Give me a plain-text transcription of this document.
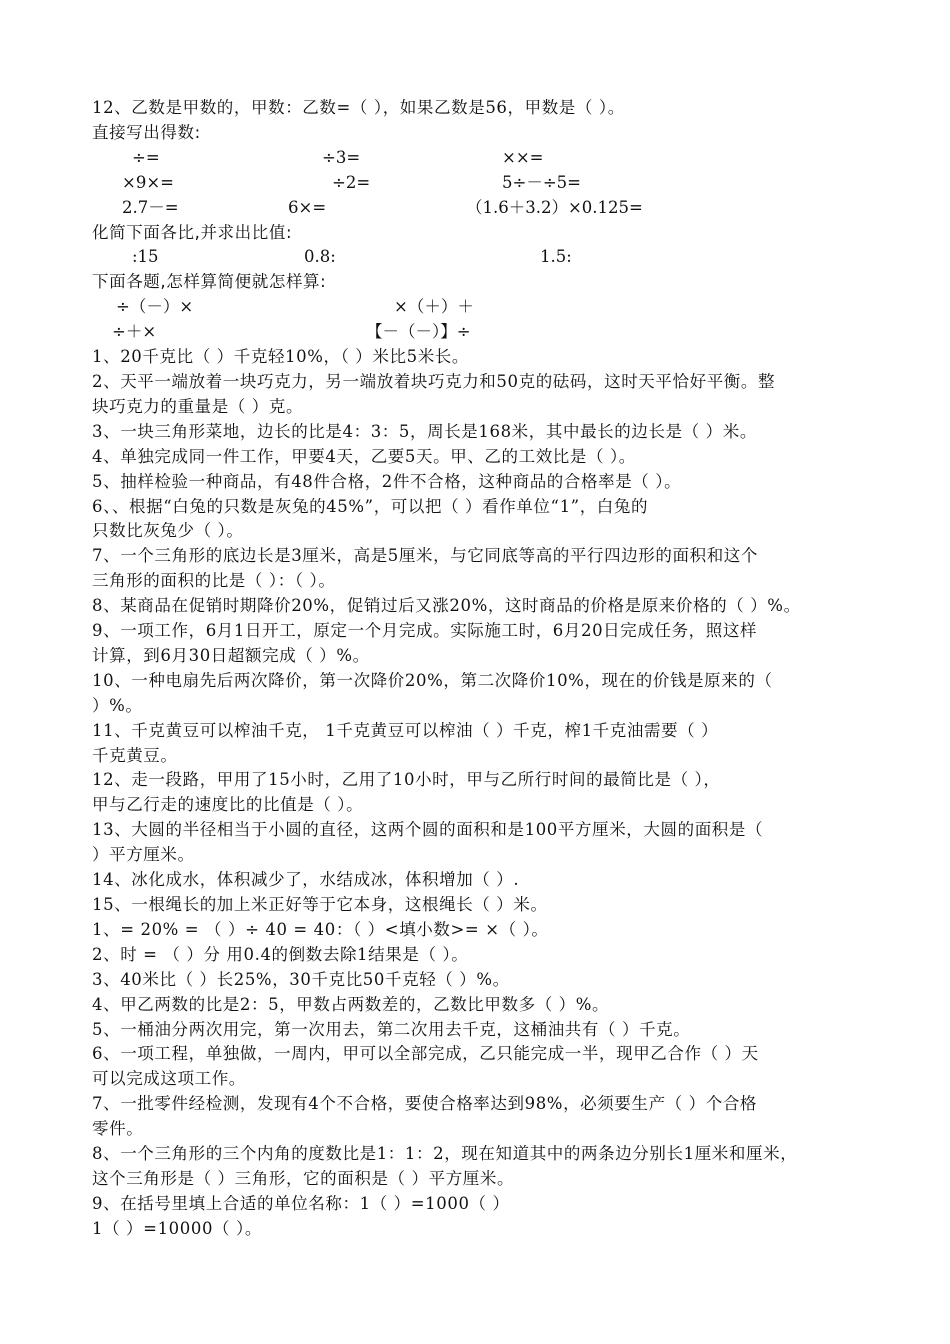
12、乙数是甲数的，甲数：乙数=（ ），如果乙数是56，甲数是（ ）。
直接写出得数:
÷=	÷3=	××=
×9×=	÷2=	5÷－÷5=
2.7－=	6×=	（1.6＋3.2）×0.125=
化简下面各比,并求出比值:
:15	0.8:	1.5:
下面各题,怎样算简便就怎样算:
÷（－）×	×（＋）＋
÷＋×	【－（－）】÷
1、20千克比（ ）千克轻10%，（ ）米比5米长。
2、天平一端放着一块巧克力，另一端放着块巧克力和50克的砝码，这时天平恰好平衡。整
块巧克力的重量是（ ）克。
3、一块三角形菜地，边长的比是4：3：5，周长是168米，其中最长的边长是（ ）米。
4、单独完成同一件工作，甲要4天，乙要5天。甲、乙的工效比是（ ）。
5、抽样检验一种商品，有48件合格，2件不合格，这种商品的合格率是（ ）。
6、、根据“白兔的只数是灰兔的45%”，可以把（ ）看作单位“1”，白兔的
只数比灰兔少（ ）。
7、一个三角形的底边长是3厘米，高是5厘米，与它同底等高的平行四边形的面积和这个
三角形的面积的比是（ ）：（ ）。
8、某商品在促销时期降价20%，促销过后又涨20%，这时商品的价格是原来价格的（ ）%。
9、一项工作，6月1日开工，原定一个月完成。实际施工时，6月20日完成任务，照这样
计算，到6月30日超额完成（ ）%。
10、一种电扇先后两次降价，第一次降价20%，第二次降价10%，现在的价钱是原来的（
）%。
11、千克黄豆可以榨油千克， 1千克黄豆可以榨油（ ）千克，榨1千克油需要（ ）
千克黄豆。
12、走一段路，甲用了15小时，乙用了10小时，甲与乙所行时间的最简比是（ ），
甲与乙行走的速度比的比值是（ ）。
13、大圆的半径相当于小圆的直径，这两个圆的面积和是100平方厘米，大圆的面积是（
）平方厘米。
14、冰化成水，体积减少了，水结成冰，体积增加（ ）.
15、一根绳长的加上米正好等于它本身，这根绳长（ ）米。
1、= 20% = （ ）÷ 40 = 40：（ ）<填小数>= ×（ ）。
2、时 = （ ）分 用0.4的倒数去除1结果是（ ）。
3、40米比（ ）长25%，30千克比50千克轻（ ）%。
4、甲乙两数的比是2：5，甲数占两数差的，乙数比甲数多（ ）%。
5、一桶油分两次用完，第一次用去，第二次用去千克，这桶油共有（ ）千克。
6、一项工程，单独做，一周内，甲可以全部完成，乙只能完成一半，现甲乙合作（ ）天
可以完成这项工作。
7、一批零件经检测，发现有4个不合格，要使合格率达到98%，必须要生产（ ）个合格
零件。
8、一个三角形的三个内角的度数比是1：1：2，现在知道其中的两条边分别长1厘米和厘米，
这个三角形是（ ）三角形，它的面积是（ ）平方厘米。
9、在括号里填上合适的单位名称：1（ ）=1000（ ）
1（ ）=10000（ ）。
